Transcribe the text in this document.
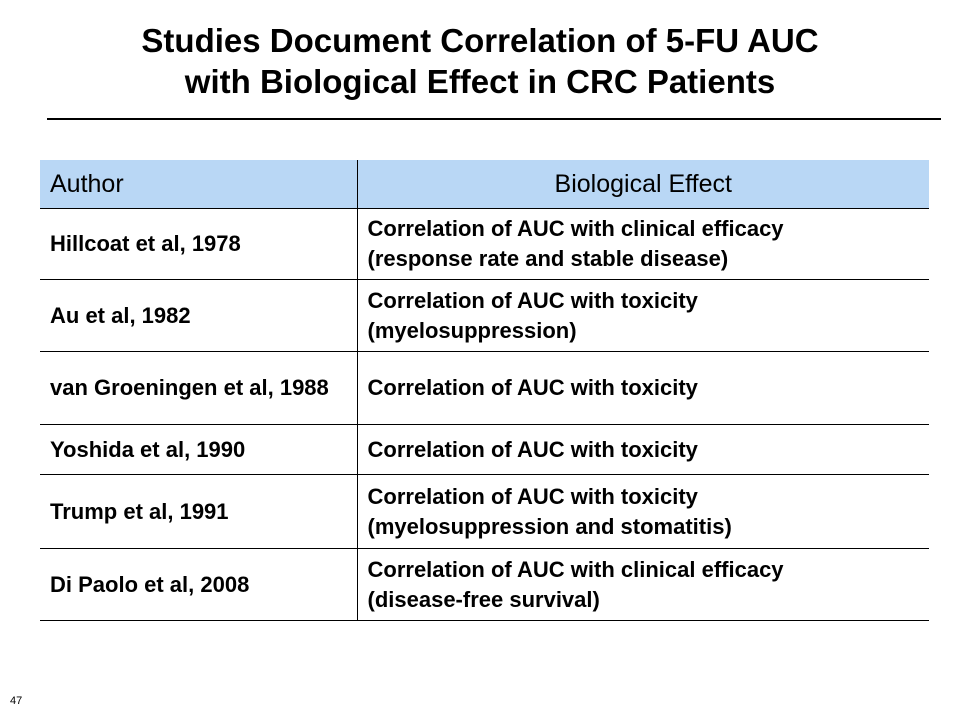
Studies Document Correlation of 5-FU AUC
with Biological Effect in CRC Patients
Author	Biological Effect
Hillcoat et al, 1978	Correlation of AUC with clinical efficacy
(response rate and stable disease)
Au et al, 1982	Correlation of AUC with toxicity
(myelosuppression)
van Groeningen et al, 1988	Correlation of AUC with toxicity
Yoshida et al, 1990	Correlation of AUC with toxicity
Trump et al, 1991	Correlation of AUC with toxicity
(myelosuppression and stomatitis)
Di Paolo et al, 2008	Correlation of AUC with clinical efficacy
(disease-free survival)
47
